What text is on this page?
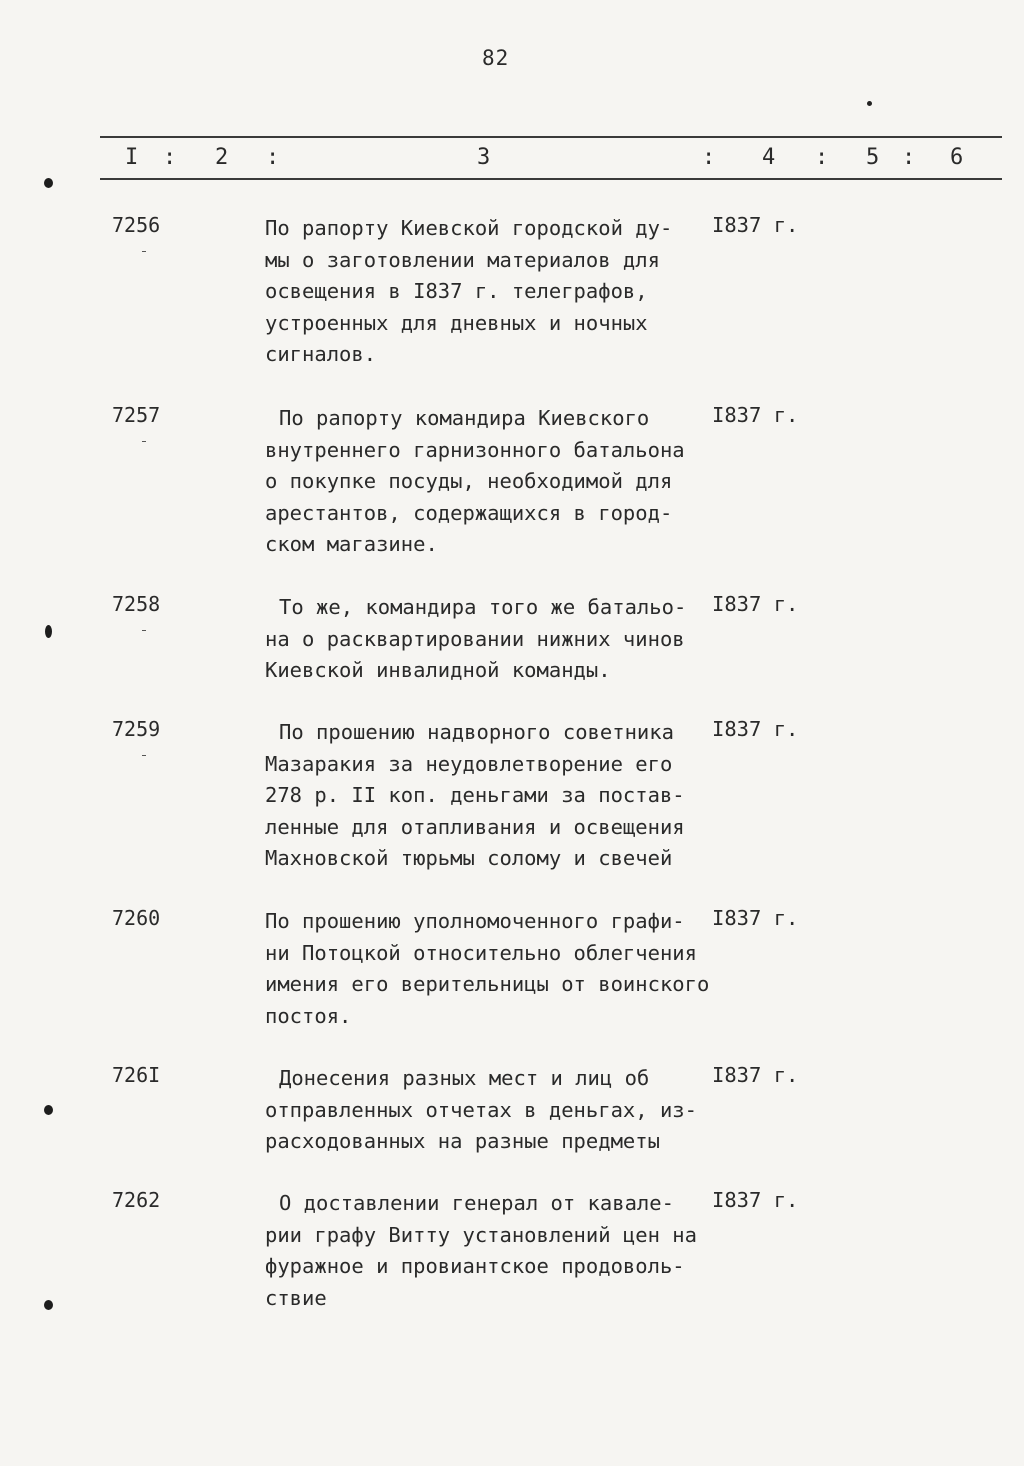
82
I : 2 :	3	: 4 : 5 : 6
7256	По рапорту Киевской городской ду-
мы о заготовлении материалов для
освещения в I837 г. телеграфов,
устроенных для дневных и ночных
сигналов.
I837 г.
7257	По рапорту командира Киевского
внутреннего гарнизонного батальона
о покупке посуды, необходимой для
арестантов, содержащихся в город-
ском магазине.
I837 г.
7258	То же, командира того же батальо-
на о расквартировании нижних чинов
Киевской инвалидной команды.
I837 г.
7259	По прошению надворного советника
Мазаракия за неудовлетворение его
278 р. II коп. деньгами за постав-
ленные для отапливания и освещения
Махновской тюрьмы солому и свечей
I837 г.
7260	По прошению уполномоченного графи-
ни Потоцкой относительно облегчения
имения его верительницы от воинского
постоя.
I837 г.
726I	Донесения разных мест и лиц об
отправленных отчетах в деньгах, из-
расходованных на разные предметы
I837 г.
7262	О доставлении генерал от кавале-
рии графу Витту установлений цен на
фуражное и провиантское продоволь-
ствие
I837 г.
